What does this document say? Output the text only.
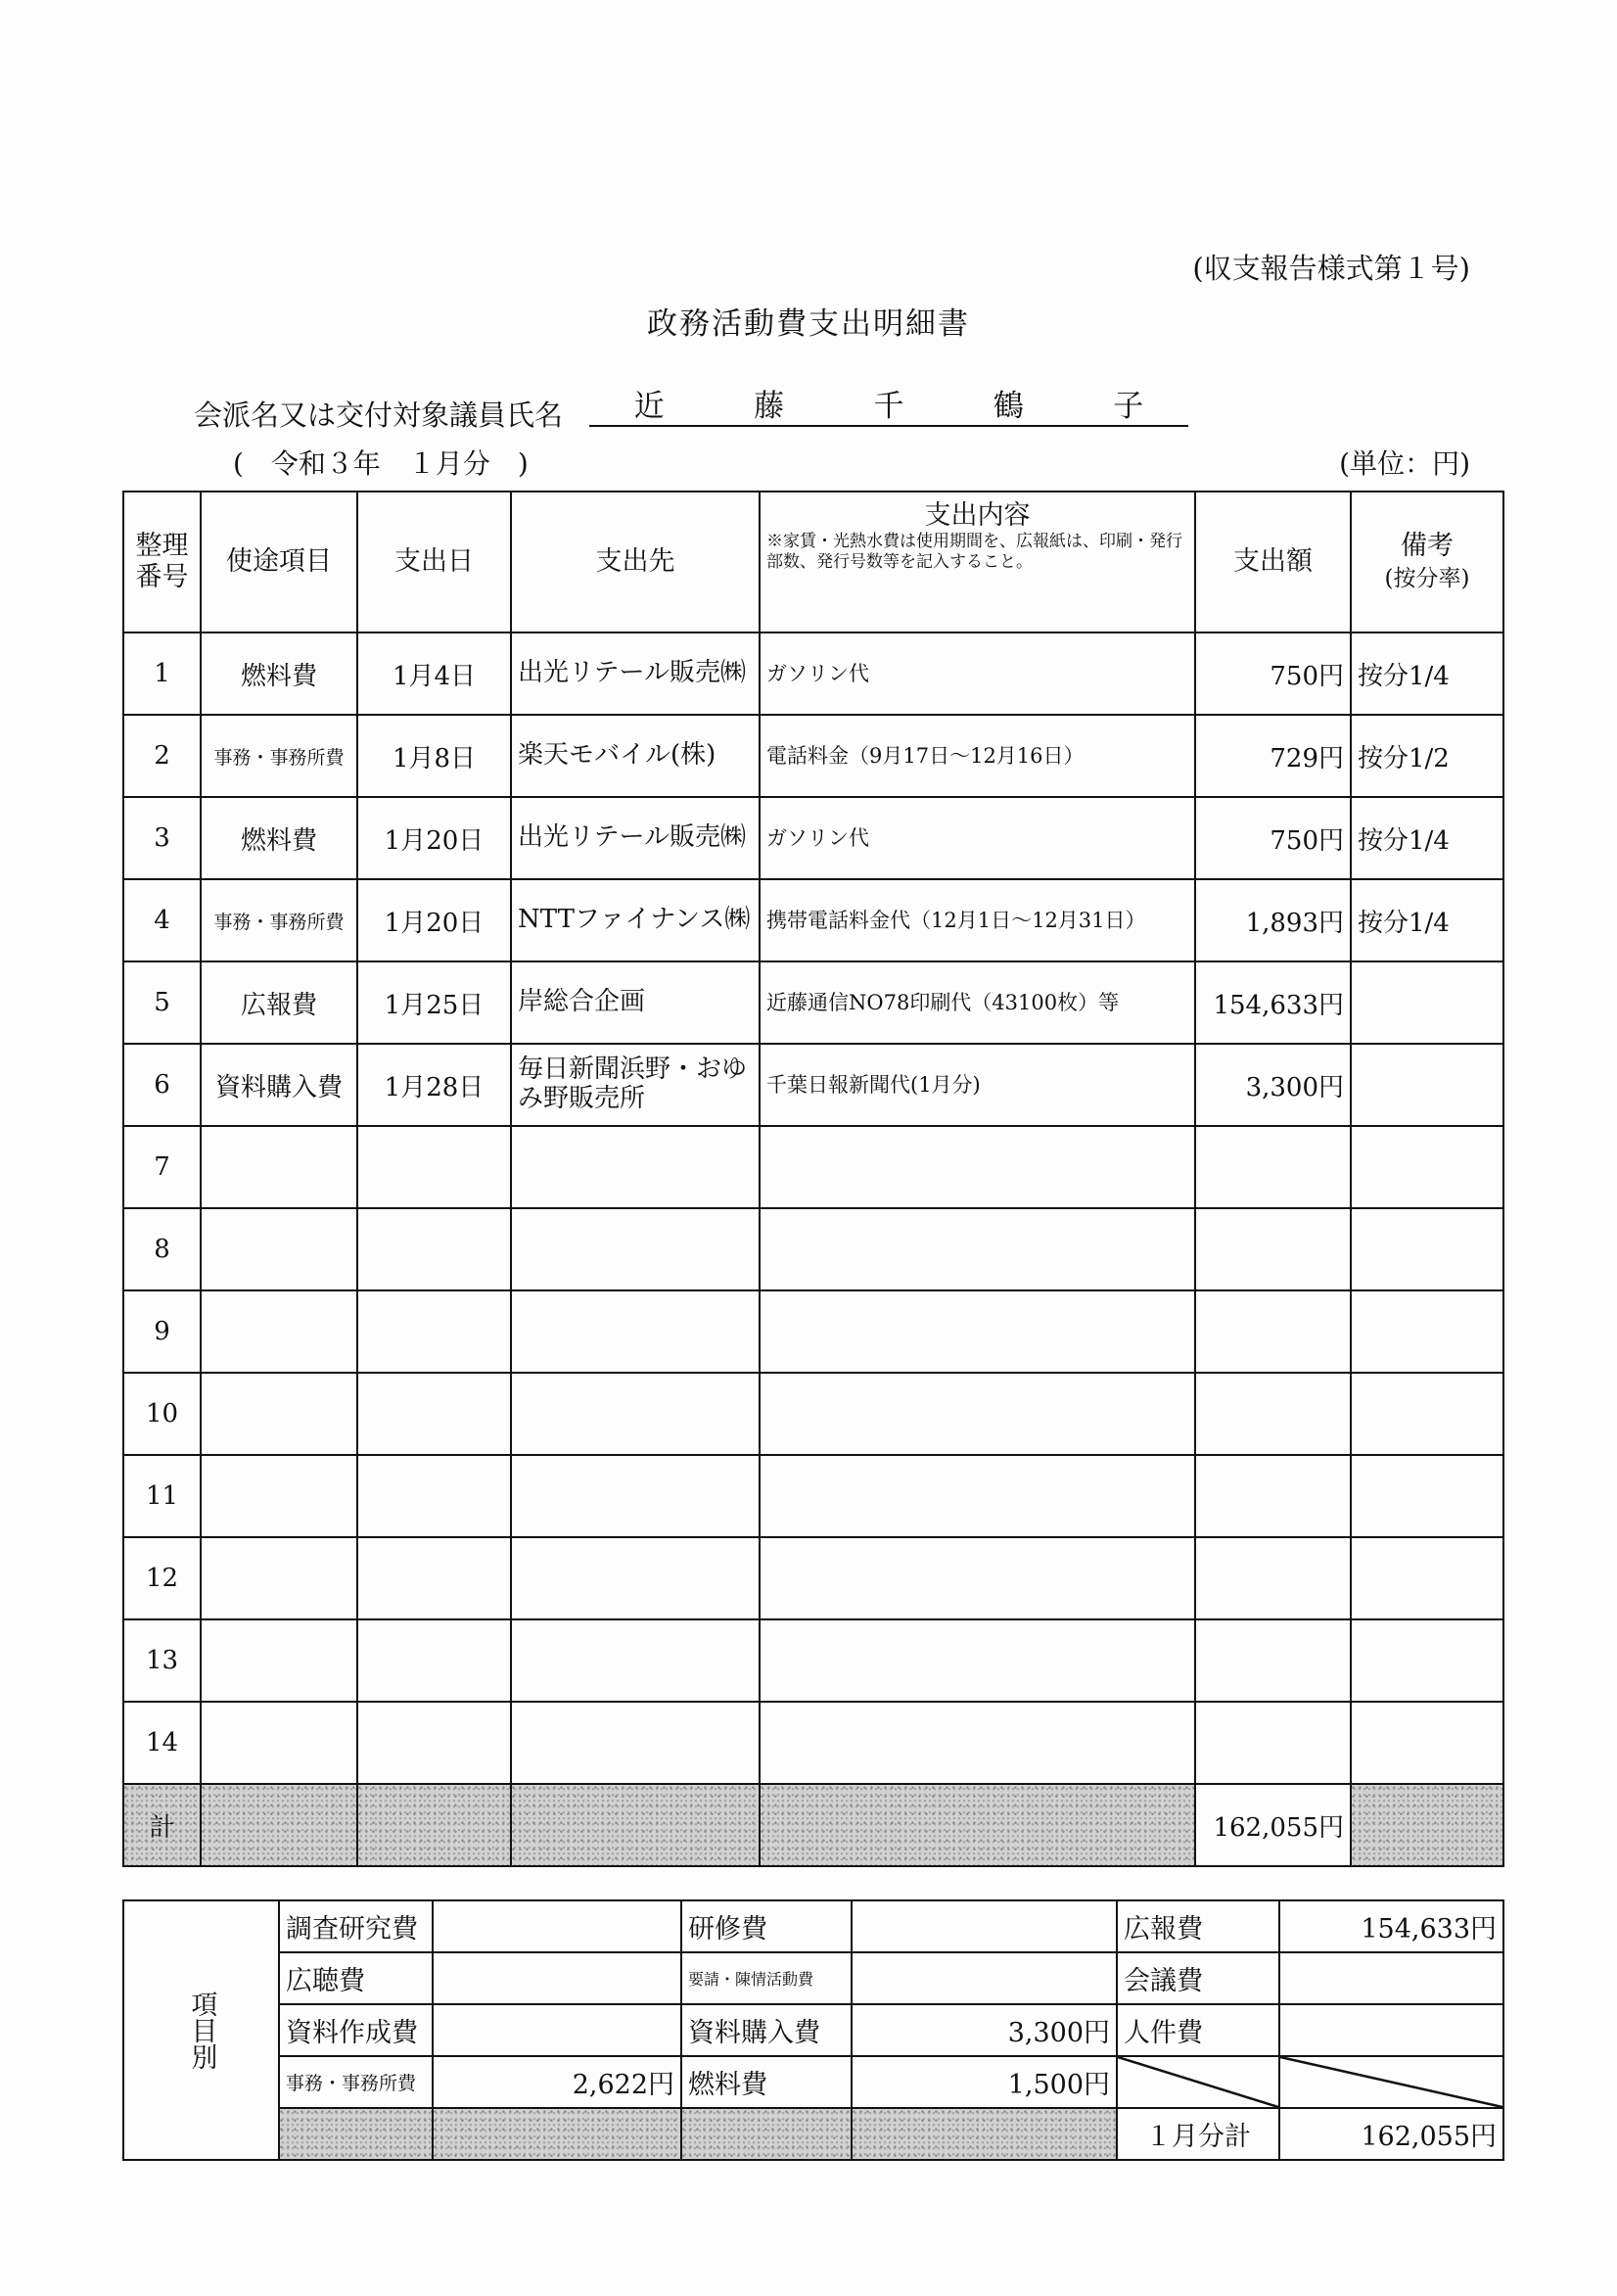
(収支報告様式第１号)
政務活動費支出明細書
会派名又は交付対象議員氏名 近	藤	千	鶴	子
(　令和３年　１月分　)	(単位：円)
整理番号	使途項目	支出日	支出先	支出内容
※家賃・光熱水費は使用期間を、広報紙は、印刷・発行部数、発行号数等を記入すること。	支出額	備考
(按分率)
1	燃料費	1月4日	出光リテール販売㈱	ガソリン代	750円	按分1/4
2	事務・事務所費	1月8日	楽天モバイル(株)	電話料金（9月17日～12月16日）	729円	按分1/2
3	燃料費	1月20日	出光リテール販売㈱	ガソリン代	750円	按分1/4
4	事務・事務所費	1月20日	NTTファイナンス㈱	携帯電話料金代（12月1日～12月31日）	1,893円	按分1/4
5	広報費	1月25日	岸総合企画	近藤通信NO78印刷代（43100枚）等	154,633円	
6	資料購入費	1月28日	毎日新聞浜野・おゆみ野販売所	千葉日報新聞代(1月分)	3,300円	
7						
8						
9						
10						
11						
12						
13						
14						
計					162,055円	
項目別	調査研究費		研修費		広報費	154,633円
	広聴費		要請・陳情活動費		会議費	
	資料作成費		資料購入費	3,300円	人件費	
	事務・事務所費	2,622円	燃料費	1,500円		
					１月分計	162,055円
